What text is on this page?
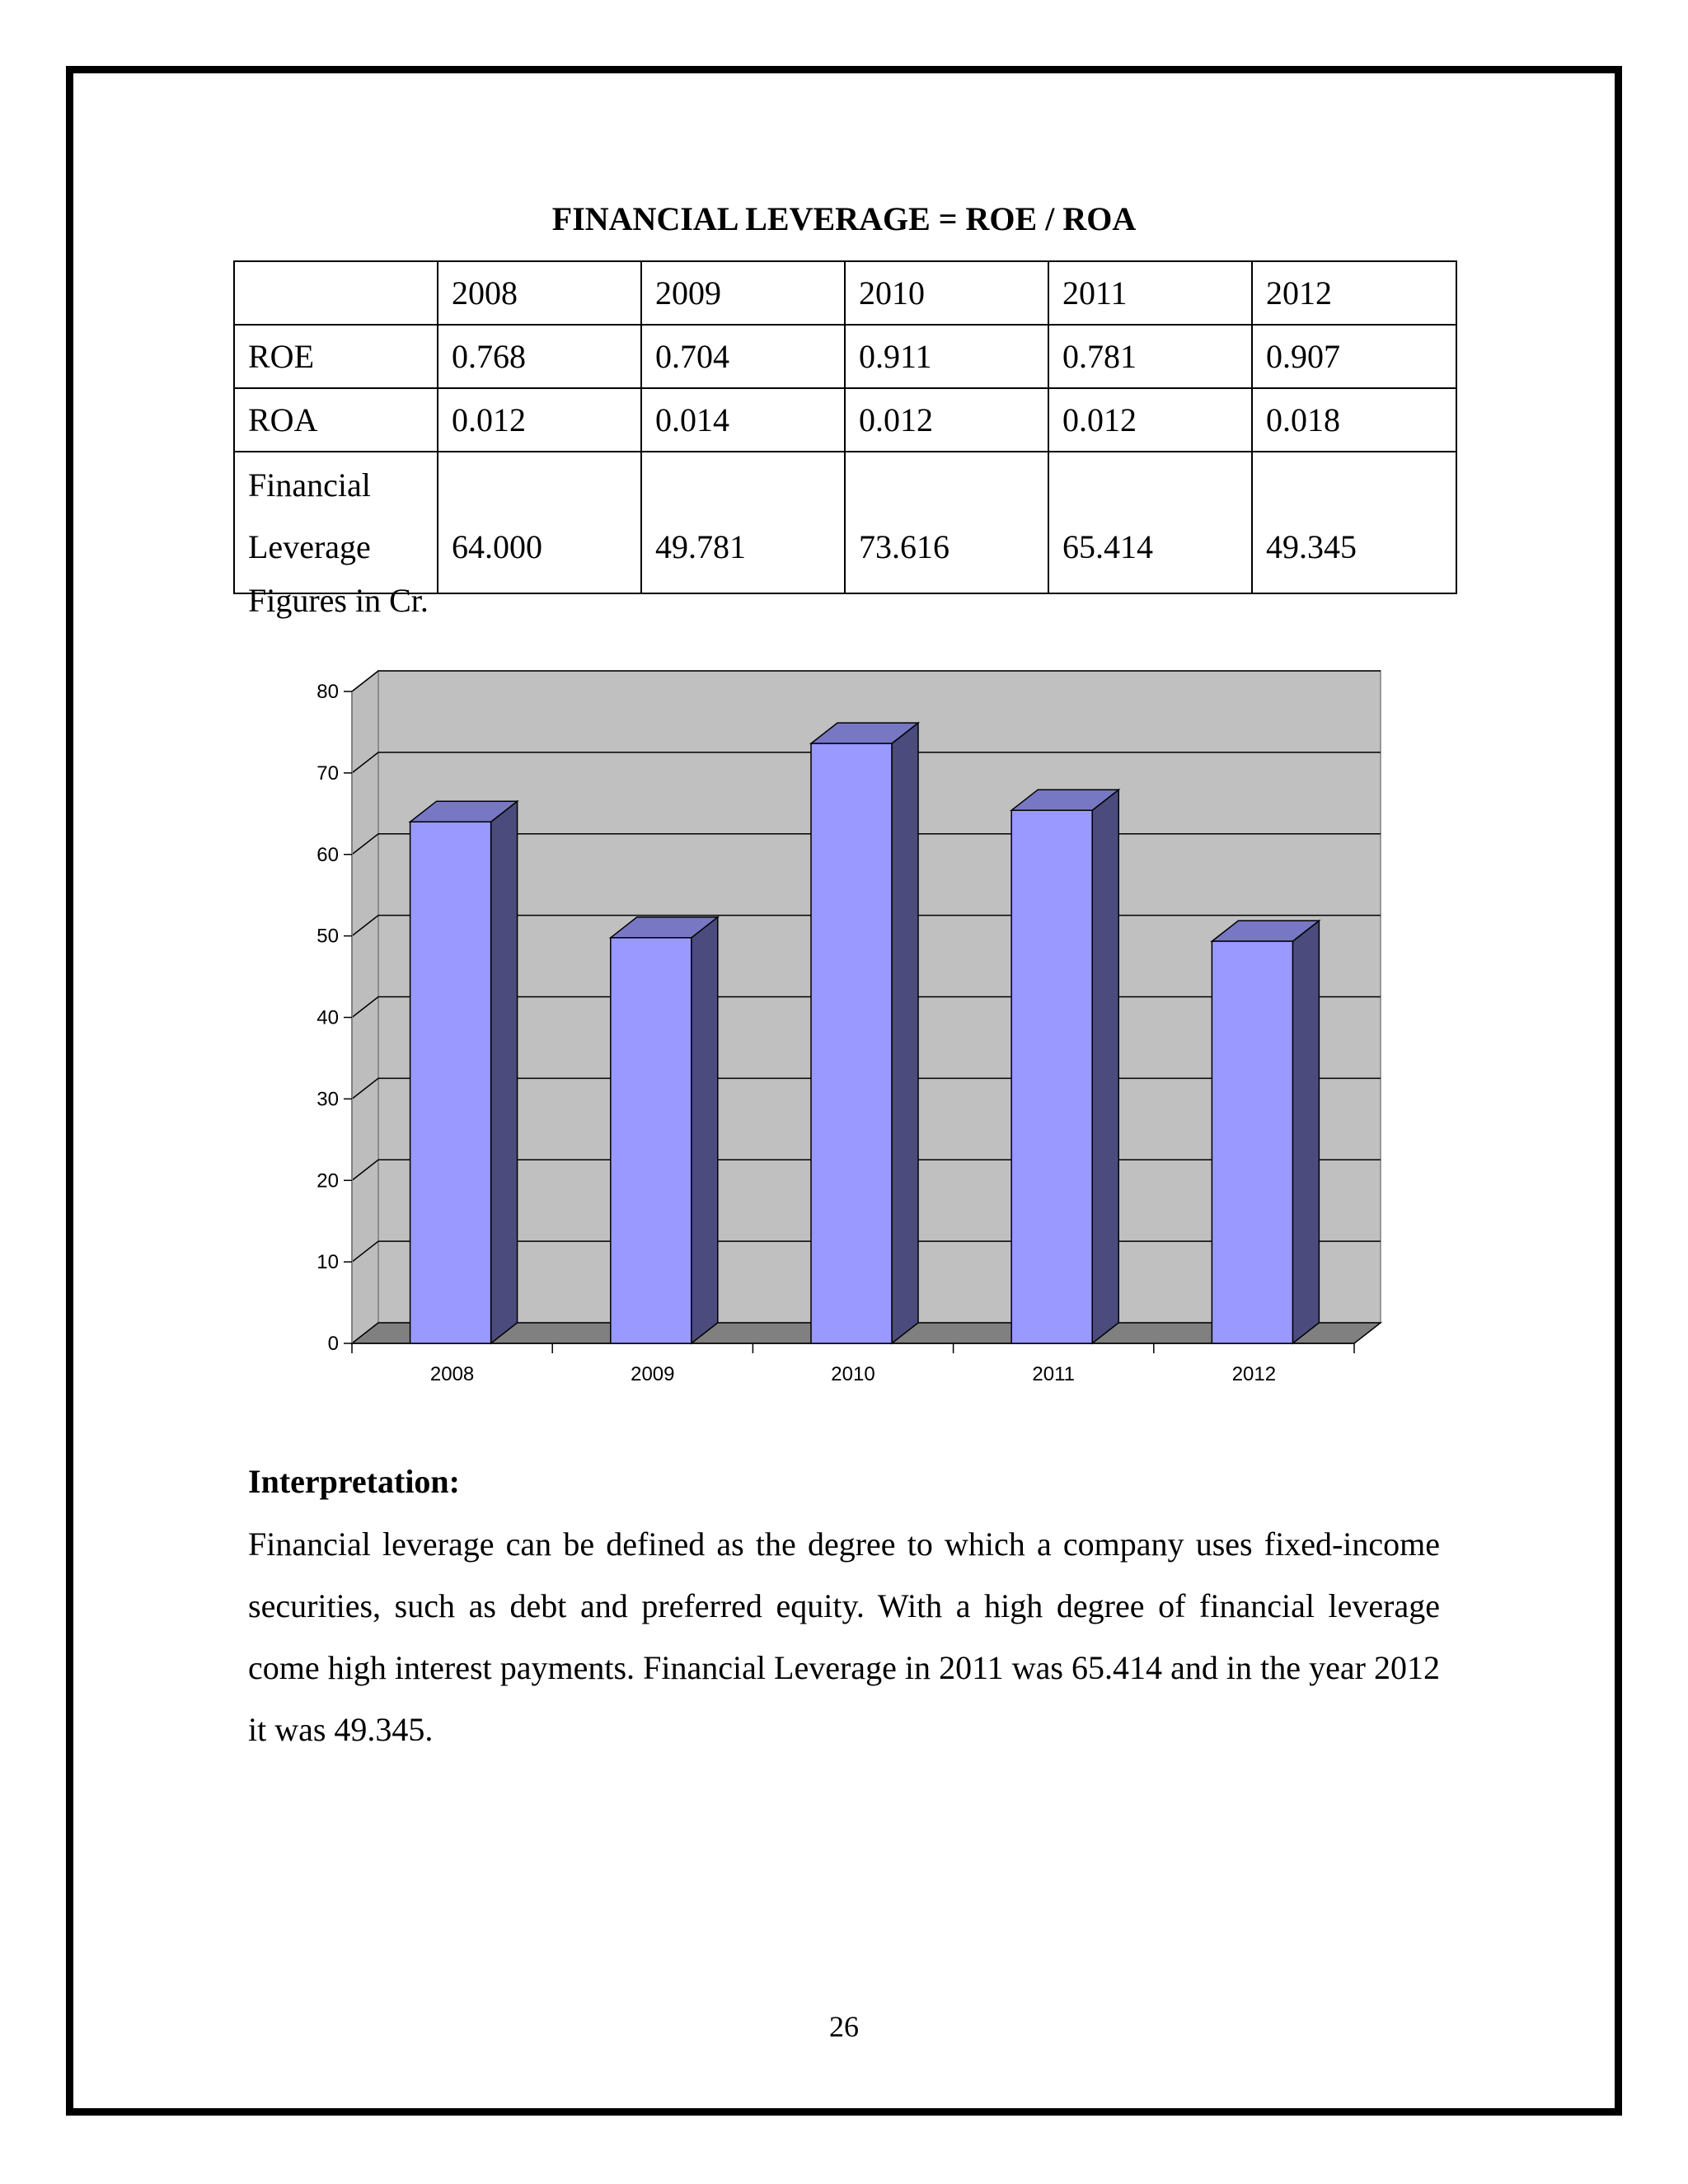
FINANCIAL LEVERAGE = ROE / ROA
	2008	2009	2010	2011	2012
ROE	0.768	0.704	0.911	0.781	0.907
ROA	0.012	0.014	0.012	0.012	0.018
Financial
Leverage	64.000	49.781	73.616	65.414	49.345
Figures in Cr.
0
10
20
30
40
50
60
70
80
2008	2009	2010	2011	2012
Interpretation:
Financial leverage can be defined as the degree to which a company uses fixed-income securities, such as debt and preferred equity. With a high degree of financial leverage come high interest payments. Financial Leverage in 2011 was 65.414 and in the year 2012 it was 49.345.
26
